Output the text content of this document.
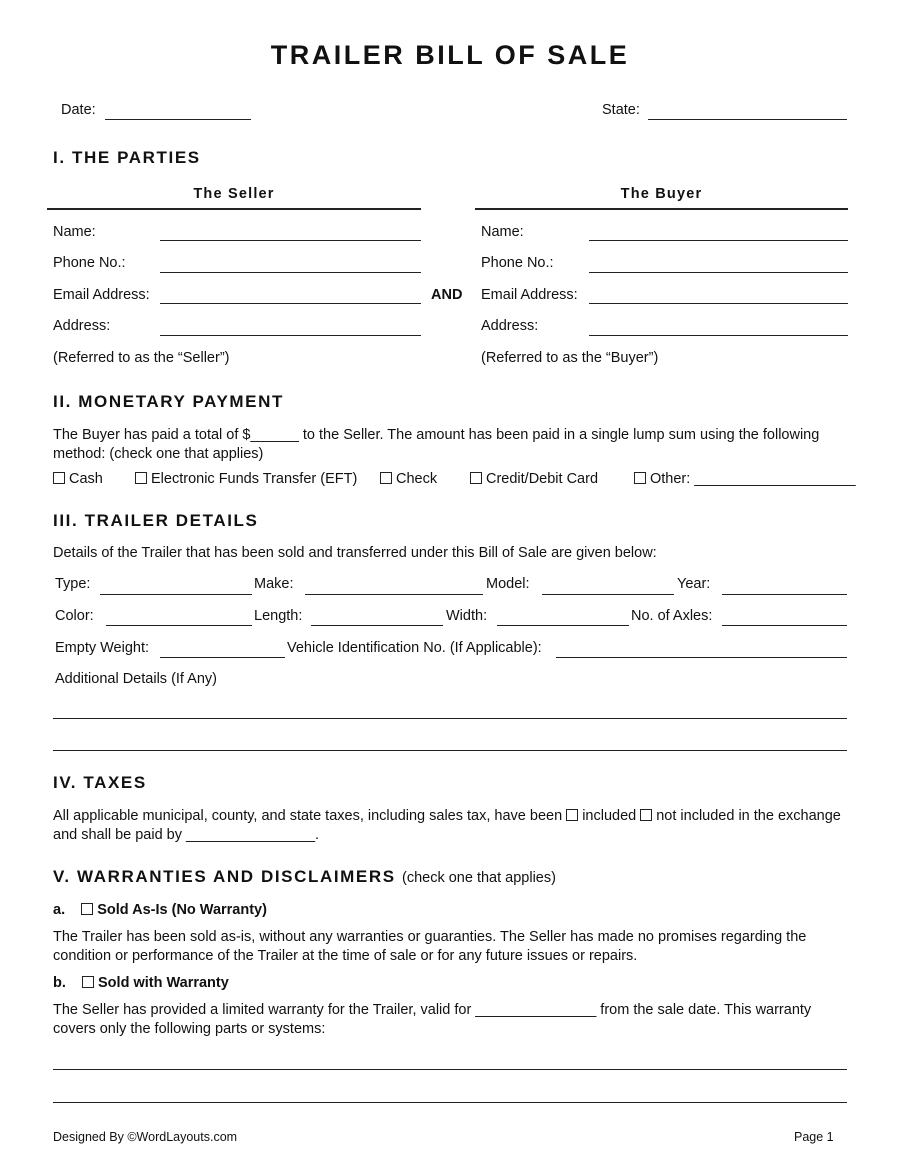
TRAILER BILL OF SALE
Date:	State:
I. THE PARTIES
The Seller	The Buyer
Name:
Phone No.:
Email Address:
Address:
(Referred to as the “Seller”)
AND
Name:
Phone No.:
Email Address:
Address:
(Referred to as the “Buyer”)
II. MONETARY PAYMENT
The Buyer has paid a total of $______ to the Seller. The amount has been paid in a single lump sum using the following method: (check one that applies)
Cash	Electronic Funds Transfer (EFT)	Check	Credit/Debit Card	Other: ____________________
III. TRAILER DETAILS
Details of the Trailer that has been sold and transferred under this Bill of Sale are given below:
Type:	Make:	Model:	Year:
Color:	Length:	Width:	No. of Axles:
Empty Weight:	Vehicle Identification No. (If Applicable):
Additional Details (If Any)
IV. TAXES
All applicable municipal, county, and state taxes, including sales tax, have been included not included in the exchange
and shall be paid by ________________.
V. WARRANTIES AND DISCLAIMERS (check one that applies)
a. Sold As-Is (No Warranty)
The Trailer has been sold as-is, without any warranties or guaranties. The Seller has made no promises regarding the condition or performance of the Trailer at the time of sale or for any future issues or repairs.
b. Sold with Warranty
The Seller has provided a limited warranty for the Trailer, valid for _______________ from the sale date. This warranty covers only the following parts or systems:
Designed By ©WordLayouts.com	Page 1
